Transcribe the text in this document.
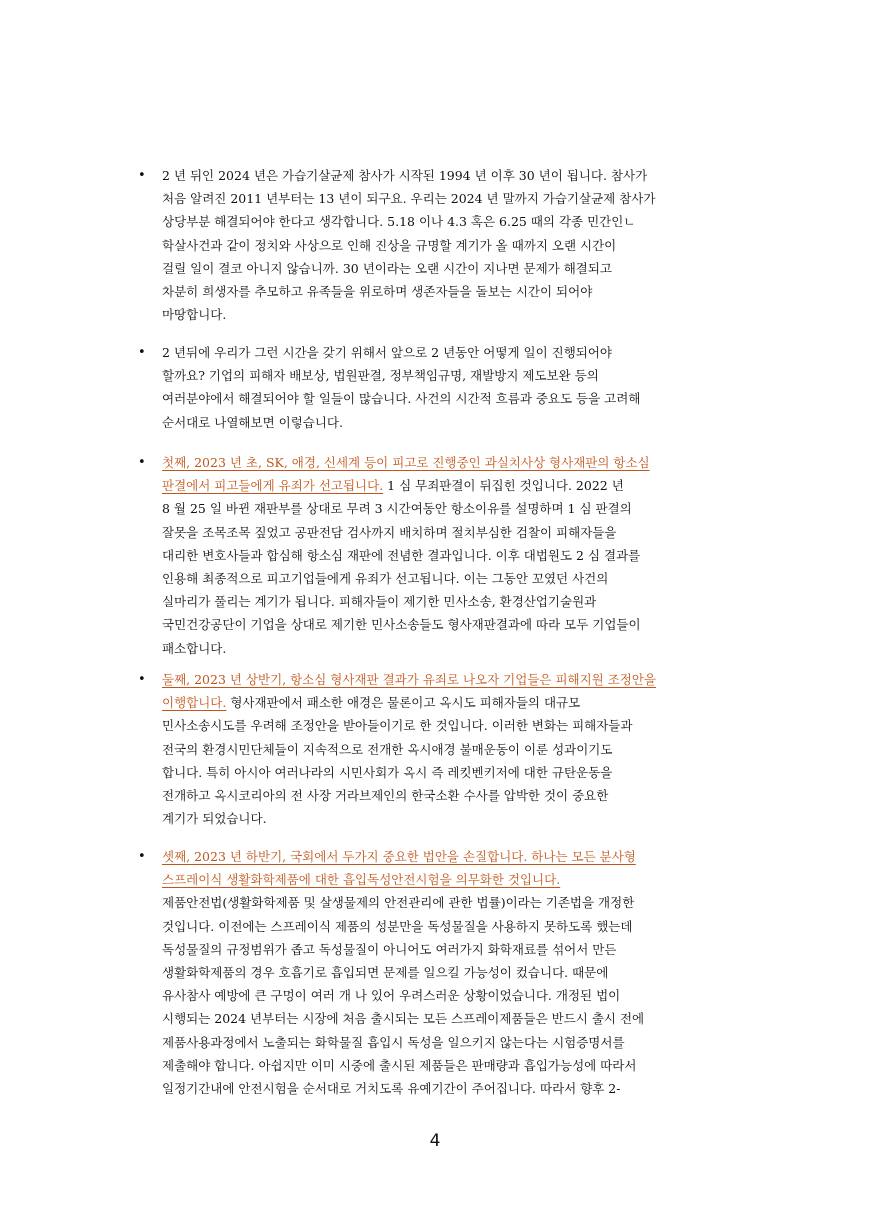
• 2 년 뒤인 2024 년은 가습기살균제 참사가 시작된 1994 년 이후 30 년이 됩니다. 참사가
처음 알려진 2011 년부터는 13 년이 되구요. 우리는 2024 년 말까지 가습기살균제 참사가
상당부분 해결되어야 한다고 생각합니다. 5.18 이나 4.3 혹은 6.25 때의 각종 민간인ㄴ
학살사건과 같이 정치와 사상으로 인해 진상을 규명할 계기가 올 때까지 오랜 시간이
걸릴 일이 결코 아니지 않습니까. 30 년이라는 오랜 시간이 지나면 문제가 해결되고
차분히 희생자를 추모하고 유족들을 위로하며 생존자들을 돌보는 시간이 되어야
마땅합니다.
• 2 년뒤에 우리가 그런 시간을 갖기 위해서 앞으로 2 년동안 어떻게 일이 진행되어야
할까요? 기업의 피해자 배보상, 법원판결, 정부책임규명, 재발방지 제도보완 등의
여러분야에서 해결되어야 할 일들이 많습니다. 사건의 시간적 흐름과 중요도 등을 고려해
순서대로 나열해보면 이렇습니다.
• 첫째, 2023 년 초, SK, 애경, 신세계 등이 피고로 진행중인 과실치사상 형사재판의 항소심
판결에서 피고들에게 유죄가 선고됩니다. 1 심 무죄판결이 뒤집힌 것입니다. 2022 년
8 월 25 일 바뀐 재판부를 상대로 무려 3 시간여동안 항소이유를 설명하며 1 심 판결의
잘못을 조목조목 짚었고 공판전담 검사까지 배치하며 절치부심한 검찰이 피해자들을
대리한 변호사들과 합심해 항소심 재판에 전념한 결과입니다. 이후 대법원도 2 심 결과를
인용해 최종적으로 피고기업들에게 유죄가 선고됩니다. 이는 그동안 꼬였던 사건의
실마리가 풀리는 계기가 됩니다. 피해자들이 제기한 민사소송, 환경산업기술원과
국민건강공단이 기업을 상대로 제기한 민사소송들도 형사재판결과에 따라 모두 기업들이
패소합니다.
• 둘째, 2023 년 상반기, 항소심 형사재판 결과가 유죄로 나오자 기업들은 피해지원 조정안을
이행합니다. 형사재판에서 패소한 애경은 물론이고 옥시도 피해자들의 대규모
민사소송시도를 우려해 조정안을 받아들이기로 한 것입니다. 이러한 변화는 피해자들과
전국의 환경시민단체들이 지속적으로 전개한 옥시애경 불매운동이 이룬 성과이기도
합니다. 특히 아시아 여러나라의 시민사회가 옥시 즉 레킷벤키저에 대한 규탄운동을
전개하고 옥시코리아의 전 사장 거라브제인의 한국소환 수사를 압박한 것이 중요한
계기가 되었습니다.
• 셋째, 2023 년 하반기, 국회에서 두가지 중요한 법안을 손질합니다. 하나는 모든 분사형
스프레이식 생활화학제품에 대한 흡입독성안전시험을 의무화한 것입니다.
제품안전법(생활화학제품 및 살생물제의 안전관리에 관한 법률)이라는 기존법을 개정한
것입니다. 이전에는 스프레이식 제품의 성분만을 독성물질을 사용하지 못하도록 했는데
독성물질의 규정범위가 좁고 독성물질이 아니어도 여러가지 화학재료를 섞어서 만든
생활화학제품의 경우 호흡기로 흡입되면 문제를 일으킬 가능성이 컸습니다. 때문에
유사참사 예방에 큰 구멍이 여러 개 나 있어 우려스러운 상황이었습니다. 개정된 법이
시행되는 2024 년부터는 시장에 처음 출시되는 모든 스프레이제품들은 반드시 출시 전에
제품사용과정에서 노출되는 화학물질 흡입시 독성을 일으키지 않는다는 시험증명서를
제출해야 합니다. 아쉽지만 이미 시중에 출시된 제품들은 판매량과 흡입가능성에 따라서
일정기간내에 안전시험을 순서대로 거치도록 유예기간이 주어집니다. 따라서 향후 2-
4
